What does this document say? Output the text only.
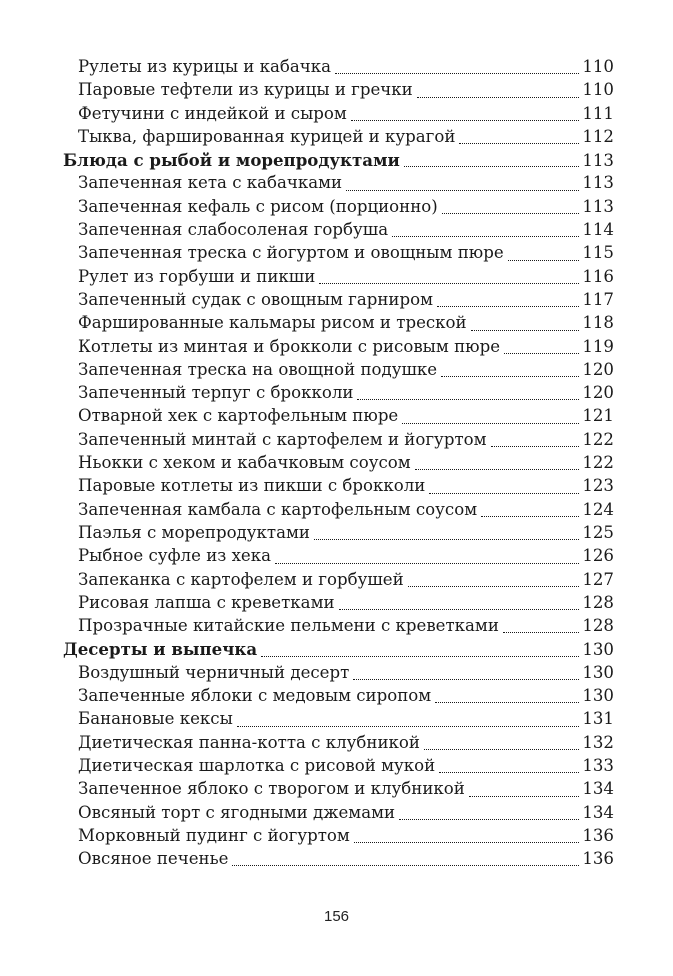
Рулеты из курицы и кабачка	110
Паровые тефтели из курицы и гречки	110
Фетучини с индейкой и сыром	111
Тыква, фаршированная курицей и курагой	112
Блюда с рыбой и морепродуктами	113
Запеченная кета с кабачками	113
Запеченная кефаль с рисом (порционно)	113
Запеченная слабосоленая горбуша	114
Запеченная треска с йогуртом и овощным пюре	115
Рулет из горбуши и пикши	116
Запеченный судак с овощным гарниром	117
Фаршированные кальмары рисом и треской	118
Котлеты из минтая и брокколи с рисовым пюре	119
Запеченная треска на овощной подушке	120
Запеченный терпуг с брокколи	120
Отварной хек с картофельным пюре	121
Запеченный минтай с картофелем и йогуртом	122
Ньокки с хеком и кабачковым соусом	122
Паровые котлеты из пикши с брокколи	123
Запеченная камбала с картофельным соусом	124
Паэлья с морепродуктами	125
Рыбное суфле из хека	126
Запеканка с картофелем и горбушей	127
Рисовая лапша с креветками	128
Прозрачные китайские пельмени с креветками	128
Десерты и выпечка	130
Воздушный черничный десерт	130
Запеченные яблоки с медовым сиропом	130
Банановые кексы	131
Диетическая панна-котта с клубникой	132
Диетическая шарлотка с рисовой мукой	133
Запеченное яблоко с творогом и клубникой	134
Овсяный торт с ягодными джемами	134
Морковный пудинг с йогуртом	136
Овсяное печенье	136
156
